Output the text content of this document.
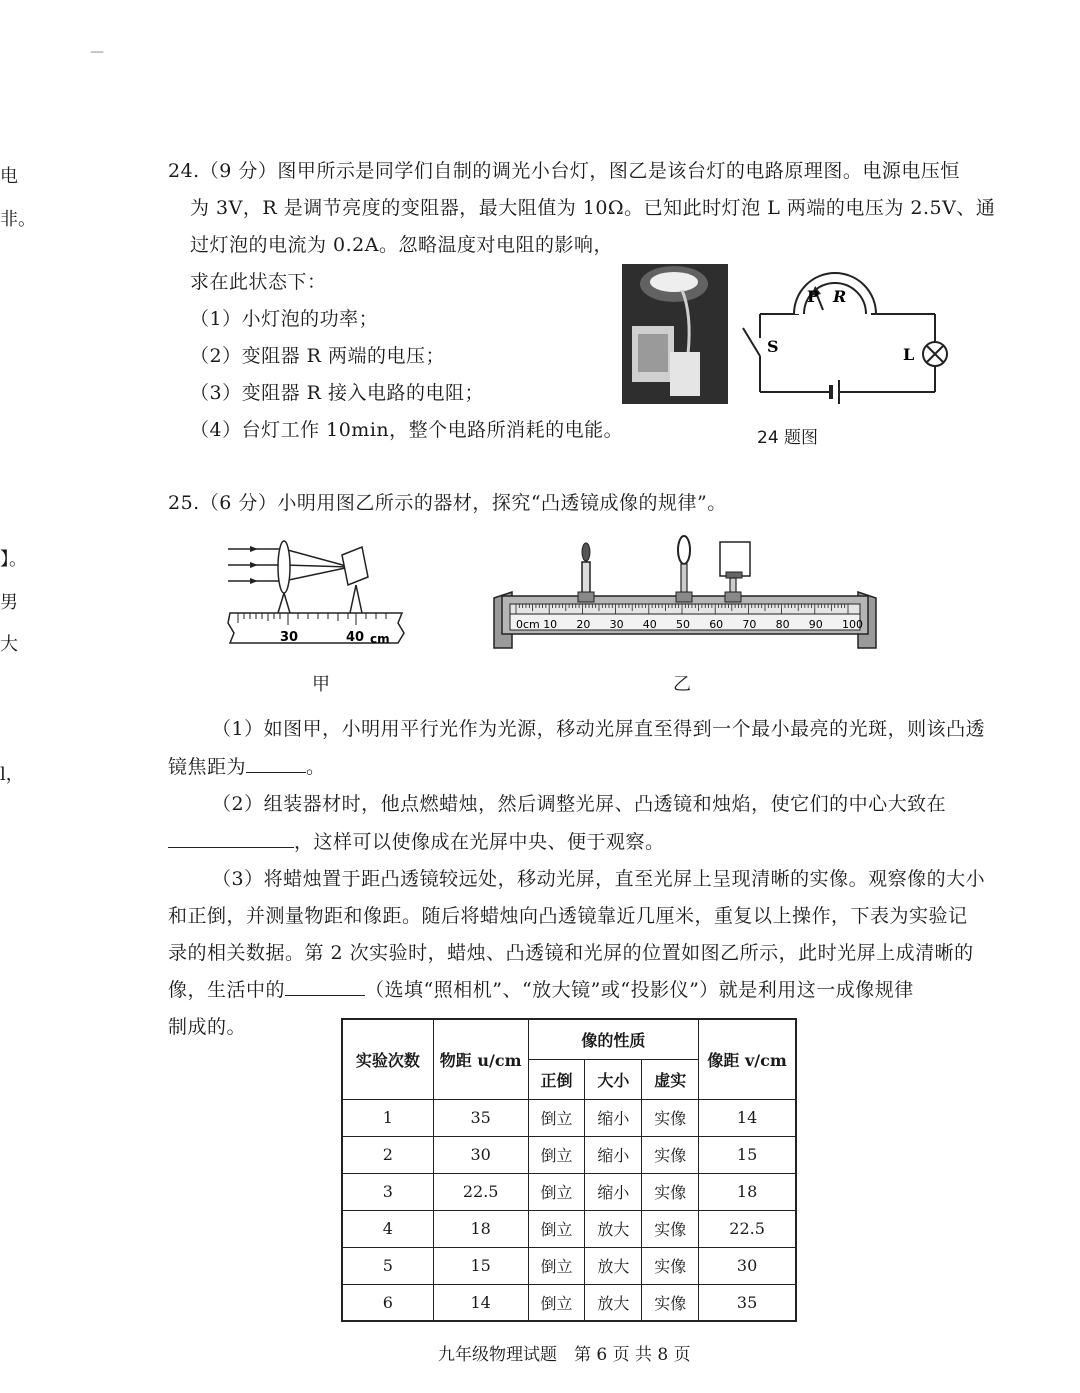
—
电
非。
】。
男
大
l，
24.（9 分）图甲所示是同学们自制的调光小台灯，图乙是该台灯的电路原理图。电源电压恒
为 3V，R 是调节亮度的变阻器，最大阻值为 10Ω。已知此时灯泡 L 两端的电压为 2.5V、通
过灯泡的电流为 0.2A。忽略温度对电阻的影响，
求在此状态下：
（1）小灯泡的功率；
（2）变阻器 R 两端的电压；
（3）变阻器 R 接入电路的电阻；
（4）台灯工作 10min，整个电路所消耗的电能。
P R
S	L
24 题图
25.（6 分）小明用图乙所示的器材，探究“凸透镜成像的规律”。
30	40 cm
甲
0cm 10 20 30 40 50 60 70 80 90 100
乙
（1）如图甲，小明用平行光作为光源，移动光屏直至得到一个最小最亮的光斑，则该凸透
镜焦距为	。
（2）组装器材时，他点燃蜡烛，然后调整光屏、凸透镜和烛焰，使它们的中心大致在
，这样可以使像成在光屏中央、便于观察。
（3）将蜡烛置于距凸透镜较远处，移动光屏，直至光屏上呈现清晰的实像。观察像的大小
和正倒，并测量物距和像距。随后将蜡烛向凸透镜靠近几厘米，重复以上操作，下表为实验记
录的相关数据。第 2 次实验时，蜡烛、凸透镜和光屏的位置如图乙所示，此时光屏上成清晰的
像，生活中的	（选填“照相机”、“放大镜”或“投影仪”）就是利用这一成像规律
制成的。
实验次数	物距 u/cm	像的性质			像距 v/cm
		正倒	大小	虚实	
1	35	倒立	缩小	实像	14
2	30	倒立	缩小	实像	15
3	22.5	倒立	缩小	实像	18
4	18	倒立	放大	实像	22.5
5	15	倒立	放大	实像	30
6	14	倒立	放大	实像	35
九年级物理试题　第 6 页 共 8 页
